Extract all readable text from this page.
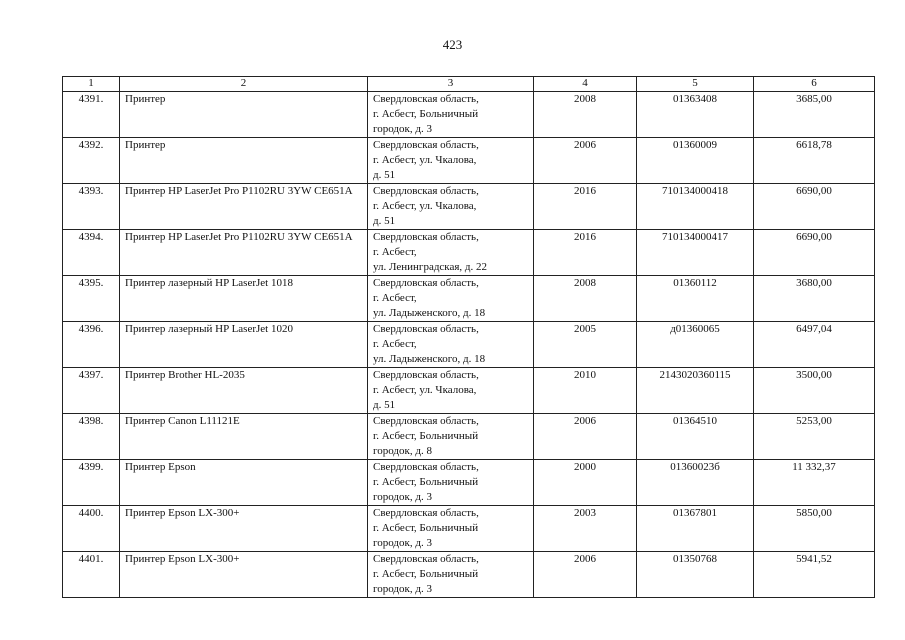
423
1	2	3	4	5	6
4391.	Принтер	Свердловская область,
г. Асбест, Больничный
городок, д. 3	2008	01363408	3685,00
4392.	Принтер	Свердловская область,
г. Асбест, ул. Чкалова,
д. 51	2006	01360009	6618,78
4393.	Принтер HP LaserJet Pro P1102RU 3YW CE651A	Свердловская область,
г. Асбест, ул. Чкалова,
д. 51	2016	710134000418	6690,00
4394.	Принтер HP LaserJet Pro P1102RU 3YW CE651A	Свердловская область,
г. Асбест,
ул. Ленинградская, д. 22	2016	710134000417	6690,00
4395.	Принтер лазерный HP LaserJet 1018	Свердловская область,
г. Асбест,
ул. Ладыженского, д. 18	2008	01360112	3680,00
4396.	Принтер лазерный HP LaserJet 1020	Свердловская область,
г. Асбест,
ул. Ладыженского, д. 18	2005	д01360065	6497,04
4397.	Принтер Brother HL-2035	Свердловская область,
г. Асбест, ул. Чкалова,
д. 51	2010	2143020360115	3500,00
4398.	Принтер Canon L11121E	Свердловская область,
г. Асбест, Больничный
городок, д. 8	2006	01364510	5253,00
4399.	Принтер Epson	Свердловская область,
г. Асбест, Больничный
городок, д. 3	2000	01360023б	11 332,37
4400.	Принтер Epson LX-300+	Свердловская область,
г. Асбест, Больничный
городок, д. 3	2003	01367801	5850,00
4401.	Принтер Epson LX-300+	Свердловская область,
г. Асбест, Больничный
городок, д. 3	2006	01350768	5941,52
